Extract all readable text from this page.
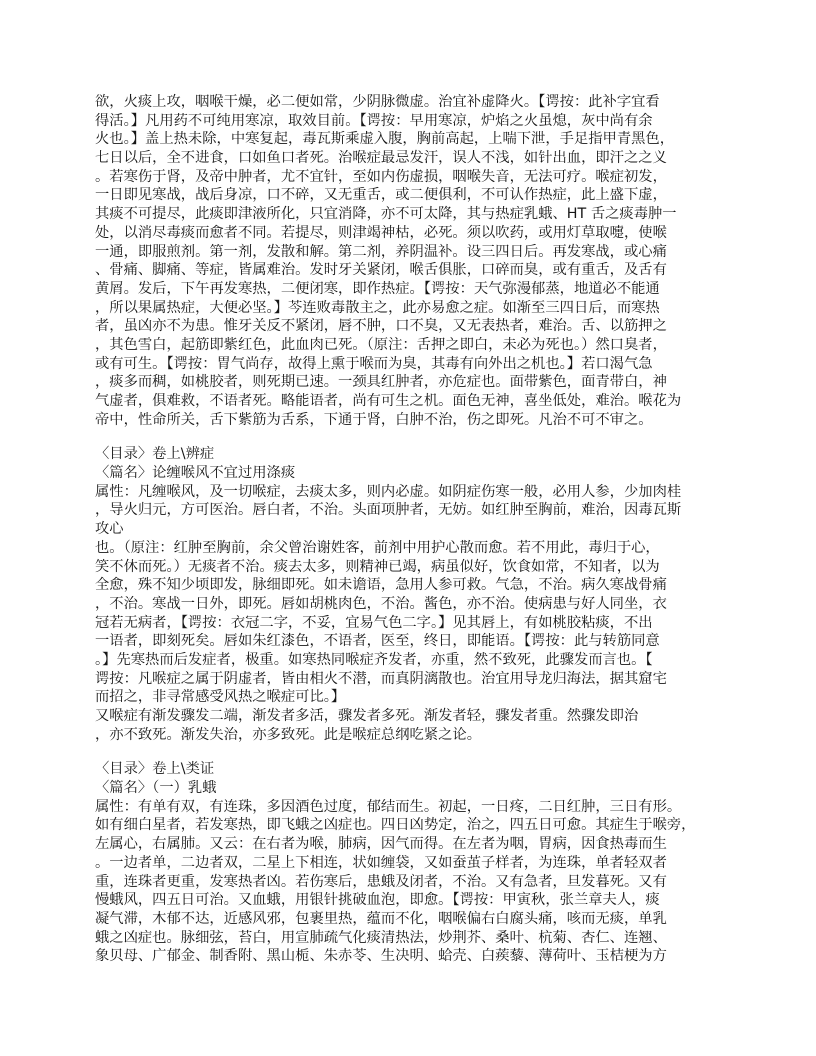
欲，火痰上攻，咽喉干燥，必二便如常，少阴脉微虚。治宜补虚降火。【谔按：此补字宜看
得活。】凡用药不可纯用寒凉，取效目前。【谔按：早用寒凉，炉焰之火虽熄，灰中尚有余
火也。】盖上热未除，中寒复起，毒瓦斯乘虚入腹，胸前高起，上喘下泄，手足指甲青黑色，
七日以后，全不进食，口如鱼口者死。治喉症最忌发汗，误人不浅，如针出血，即汗之之义
。若寒伤于肾，及帝中肿者，尤不宜针，至如内伤虚损，咽喉失音，无法可疗。喉症初发，
一日即见寒战，战后身凉，口不碎，又无重舌，或二便俱利，不可认作热症，此上盛下虚，
其痰不可提尽，此痰即津液所化，只宜消降，亦不可太降，其与热症乳蛾、HT 舌之痰毒肿一
处，以消尽毒痰而愈者不同。若提尽，则津竭神枯，必死。须以吹药，或用灯草取嚏，使喉
一通，即服煎剂。第一剂，发散和解。第二剂，养阴温补。设三四日后。再发寒战，或心痛
、骨痛、脚痛、等症，皆属难治。发时牙关紧闭，喉舌俱胀，口碎而臭，或有重舌，及舌有
黄屑。发后，下午再发寒热，二便闭寒，即作热症。【谔按：天气弥漫郁蒸，地道必不能通
，所以果属热症，大便必坚。】芩连败毒散主之，此亦易愈之症。如渐至三四日后，而寒热
者，虽凶亦不为患。惟牙关反不紧闭，唇不肿，口不臭，又无表热者，难治。舌、以筋押之
，其色雪白，起筋即紫红色，此血肉已死。（原注：舌押之即白，未必为死也。）然口臭者，
或有可生。【谔按：胃气尚存，故得上熏于喉而为臭，其毒有向外出之机也。】若口渴气急
，痰多而稠，如桃胶者，则死期已速。一颈具红肿者，亦危症也。面带紫色，面青带白，神
气虚者，俱难救，不语者死。略能语者，尚有可生之机。面色无神，喜坐低处，难治。喉花为
帝中，性命所关，舌下紫筋为舌系，下通于肾，白肿不治，伤之即死。凡治不可不审之。
〈目录〉卷上\辨症
〈篇名〉论缠喉风不宜过用涤痰
属性：凡缠喉风，及一切喉症，去痰太多，则内必虚。如阴症伤寒一般，必用人参，少加肉桂
，导火归元，方可医治。唇白者，不治。头面项肿者，无妨。如红肿至胸前，难治，因毒瓦斯
攻心
也。（原注：红肿至胸前，余父曾治谢姓客，前剂中用护心散而愈。若不用此，毒归于心，
笑不休而死。）无痰者不治。痰去太多，则精神已竭，病虽似好，饮食如常，不知者，以为
全愈，殊不知少顷即发，脉细即死。如未谵语，急用人参可救。气急，不治。病久寒战骨痛
，不治。寒战一日外，即死。唇如胡桃肉色，不治。酱色，亦不治。使病患与好人同坐，衣
冠若无病者，【谔按：衣冠二字，不妥，宜易气色二字。】见其唇上，有如桃胶粘痰，不出
一语者，即刻死矣。唇如朱红漆色，不语者，医至，终日，即能语。【谔按：此与转筋同意
。】先寒热而后发症者，极重。如寒热同喉症齐发者，亦重，然不致死，此骤发而言也。【
谔按：凡喉症之属于阴虚者，皆由相火不潜，而真阴漓散也。治宜用导龙归海法，据其窟宅
而招之，非寻常感受风热之喉症可比。】
又喉症有渐发骤发二端，渐发者多活，骤发者多死。渐发者轻，骤发者重。然骤发即治
，亦不致死。渐发失治，亦多致死。此是喉症总纲吃紧之论。
〈目录〉卷上\类证
〈篇名〉（一）乳蛾
属性：有单有双，有连珠，多因酒色过度，郁结而生。初起，一日疼，二日红肿，三日有形。
如有细白星者，若发寒热，即飞蛾之凶症也。四日凶势定，治之，四五日可愈。其症生于喉旁，
左属心，右属肺。又云：在右者为喉，肺病，因气而得。在左者为咽，胃病，因食热毒而生
。一边者单，二边者双，二星上下相连，状如缠袋，又如蚕茧子样者，为连珠，单者轻双者
重，连珠者更重，发寒热者凶。若伤寒后，患蛾及闭者，不治。又有急者，旦发暮死。又有
慢蛾风，四五日可治。又血蛾，用银针挑破血泡，即愈。【谔按：甲寅秋，张兰章夫人，痰
凝气滞，木郁不达，近感风邪，包裹里热，蕴而不化，咽喉偏右白腐头痛，咳而无痰，单乳
蛾之凶症也。脉细弦，苔白，用宣肺疏气化痰清热法，炒荆芥、桑叶、杭菊、杏仁、连翘、
象贝母、广郁金、制香附、黑山栀、朱赤苓、生决明、蛤壳、白蒺藜、薄荷叶、玉桔梗为方
